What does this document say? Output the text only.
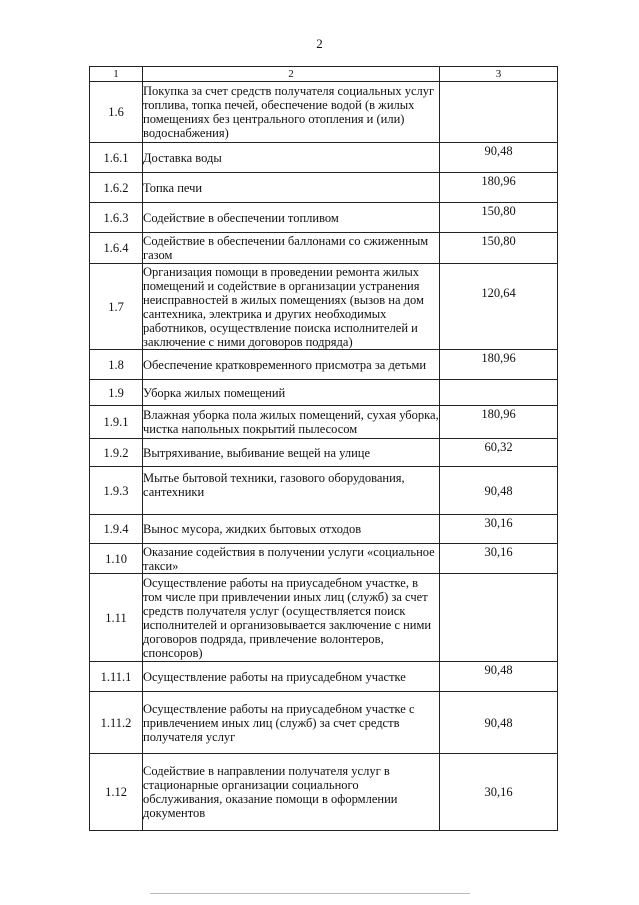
2
1	2	3
1.6	Покупка за счет средств получателя социальных услуг топлива, топка печей, обеспечение водой (в жилых помещениях без центрального отопления и (или) водоснабжения)	
1.6.1	Доставка воды	90,48
1.6.2	Топка печи	180,96
1.6.3	Содействие в обеспечении топливом	150,80
1.6.4	Содействие в обеспечении баллонами со сжиженным газом	150,80
1.7	Организация помощи в проведении ремонта жилых помещений и содействие в организации устранения неисправностей в жилых помещениях (вызов на дом сантехника, электрика и других необходимых работников, осуществление поиска исполнителей и заключение с ними договоров подряда)	120,64
1.8	Обеспечение кратковременного присмотра за детьми	180,96
1.9	Уборка жилых помещений	
1.9.1	Влажная уборка пола жилых помещений, сухая уборка, чистка напольных покрытий пылесосом	180,96
1.9.2	Вытряхивание, выбивание вещей на улице	60,32
1.9.3	Мытье бытовой техники, газового оборудования, сантехники	90,48
1.9.4	Вынос мусора, жидких бытовых отходов	30,16
1.10	Оказание содействия в получении услуги «социальное такси»	30,16
1.11	Осуществление работы на приусадебном участке, в том числе при привлечении иных лиц (служб) за счет средств получателя услуг (осуществляется поиск исполнителей и организовывается заключение с ними договоров подряда, привлечение волонтеров, спонсоров)	
1.11.1	Осуществление работы на приусадебном участке	90,48
1.11.2	Осуществление работы на приусадебном участке с привлечением иных лиц (служб) за счет средств получателя услуг	90,48
1.12	Содействие в направлении получателя услуг в стационарные организации социального обслуживания, оказание помощи в оформлении документов	30,16
